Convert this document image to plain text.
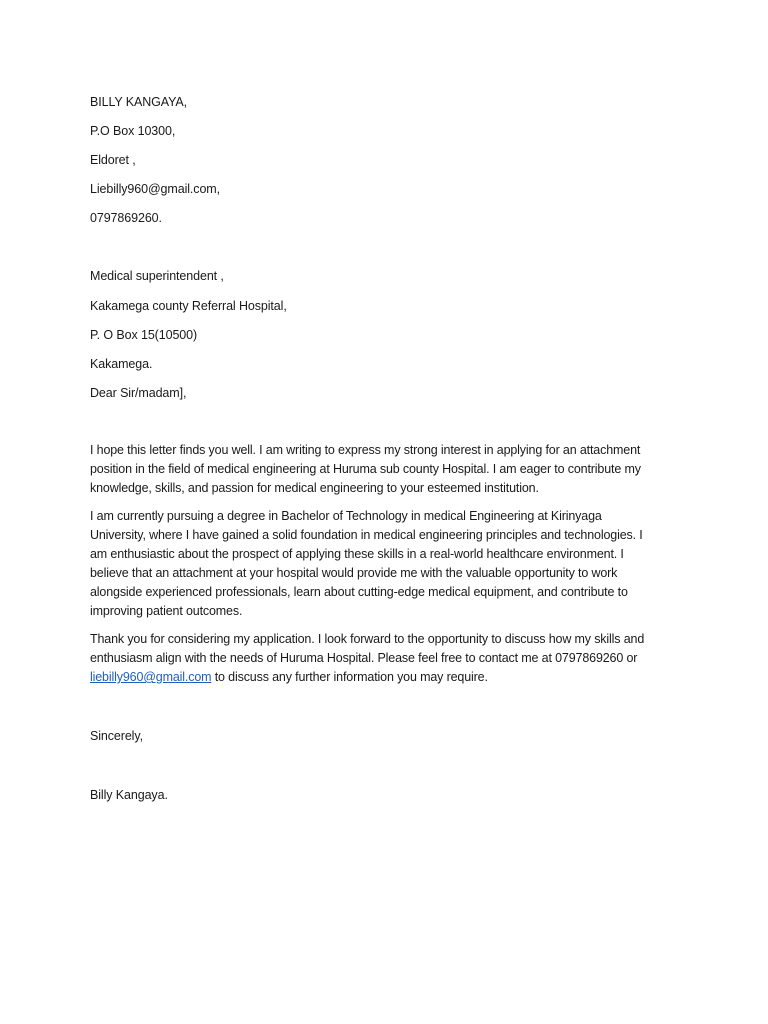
BILLY KANGAYA,
P.O Box 10300,
Eldoret ,
Liebilly960@gmail.com,
0797869260.
Medical superintendent ,
Kakamega county Referral Hospital,
P. O Box 15(10500)
Kakamega.
Dear Sir/madam],
I hope this letter finds you well. I am writing to express my strong interest in applying for an attachment
position in the field of medical engineering at Huruma sub county Hospital. I am eager to contribute my
knowledge, skills, and passion for medical engineering to your esteemed institution.
I am currently pursuing a degree in Bachelor of Technology in medical Engineering at Kirinyaga
University, where I have gained a solid foundation in medical engineering principles and technologies. I
am enthusiastic about the prospect of applying these skills in a real-world healthcare environment. I
believe that an attachment at your hospital would provide me with the valuable opportunity to work
alongside experienced professionals, learn about cutting-edge medical equipment, and contribute to
improving patient outcomes.
Thank you for considering my application. I look forward to the opportunity to discuss how my skills and
enthusiasm align with the needs of Huruma Hospital. Please feel free to contact me at 0797869260 or
liebilly960@gmail.com to discuss any further information you may require.
Sincerely,
Billy Kangaya.
